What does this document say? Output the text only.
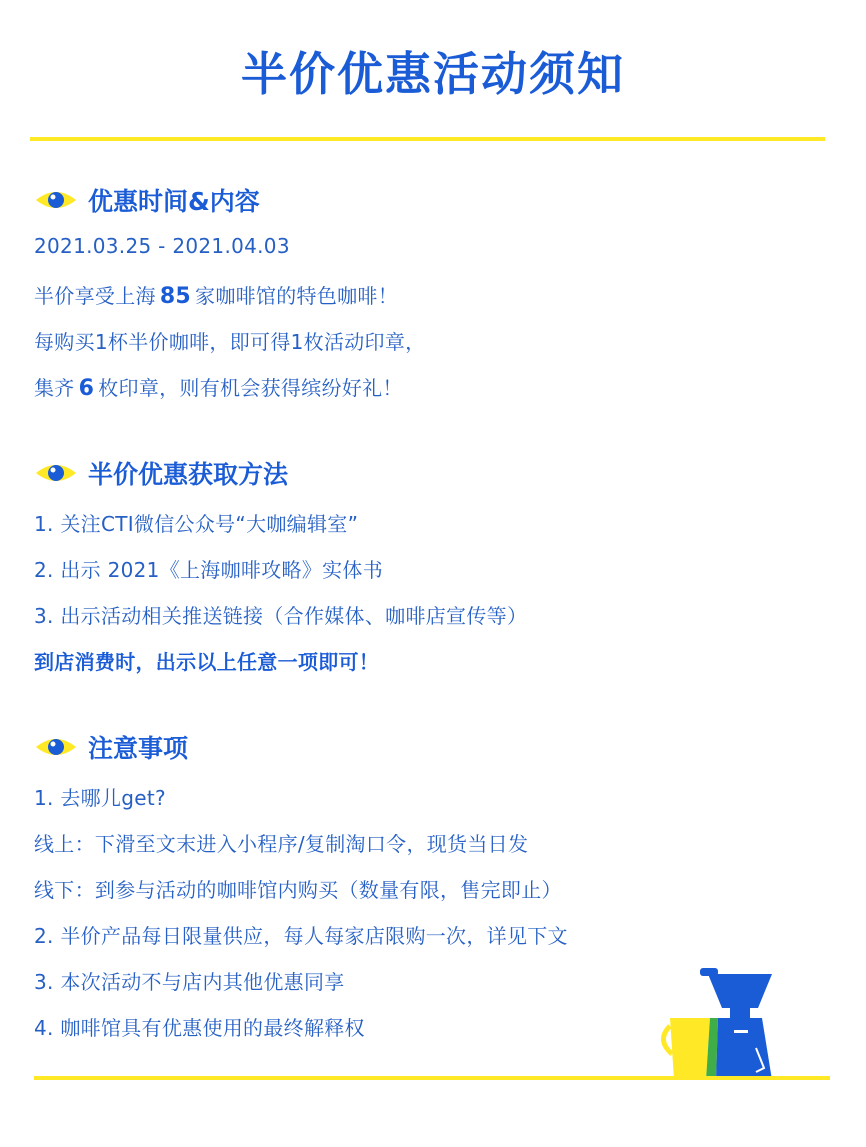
半价优惠活动须知
优惠时间&内容
2021.03.25 - 2021.04.03
半价享受上海 85 家咖啡馆的特色咖啡！
每购买1杯半价咖啡，即可得1枚活动印章，
集齐 6 枚印章，则有机会获得缤纷好礼！
半价优惠获取方法
1. 关注CTI微信公众号“大咖编辑室”
2. 出示 2021《上海咖啡攻略》实体书
3. 出示活动相关推送链接（合作媒体、咖啡店宣传等）
到店消费时，出示以上任意一项即可！
注意事项
1. 去哪儿get?
线上：下滑至文末进入小程序/复制淘口令，现货当日发
线下：到参与活动的咖啡馆内购买（数量有限，售完即止）
2. 半价产品每日限量供应，每人每家店限购一次，详见下文
3. 本次活动不与店内其他优惠同享
4. 咖啡馆具有优惠使用的最终解释权
